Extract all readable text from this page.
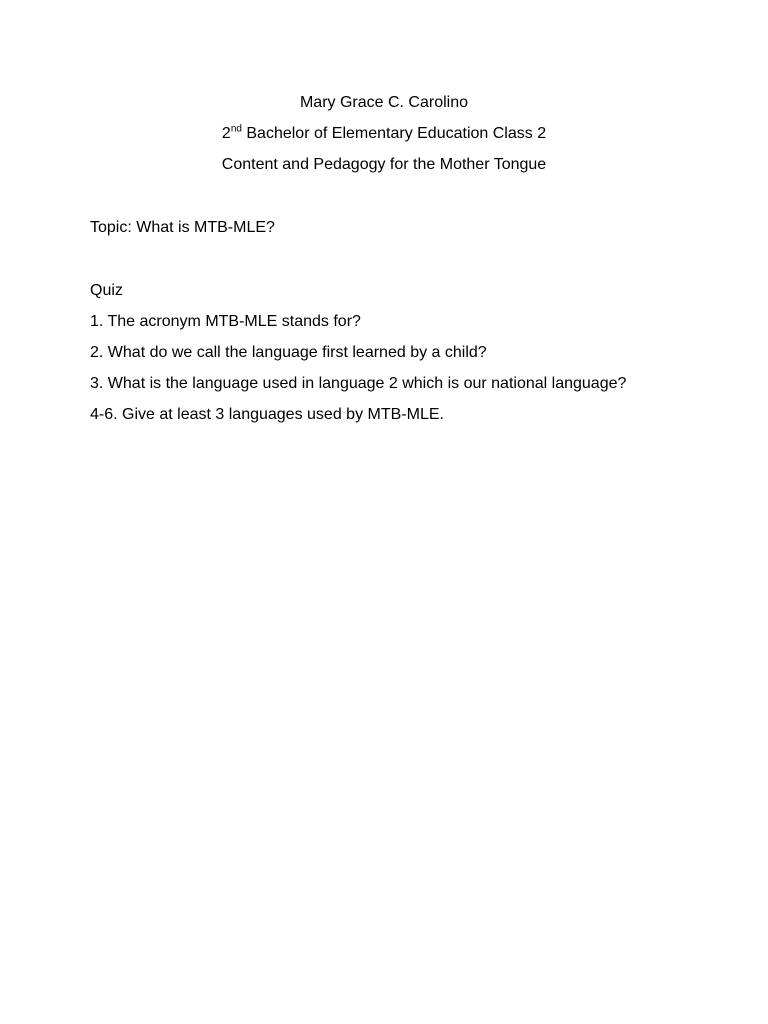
Mary Grace C. Carolino
2nd Bachelor of Elementary Education Class 2
Content and Pedagogy for the Mother Tongue
Topic: What is MTB-MLE?
Quiz
1. The acronym MTB-MLE stands for?
2. What do we call the language first learned by a child?
3. What is the language used in language 2 which is our national language?
4-6. Give at least 3 languages used by MTB-MLE.
